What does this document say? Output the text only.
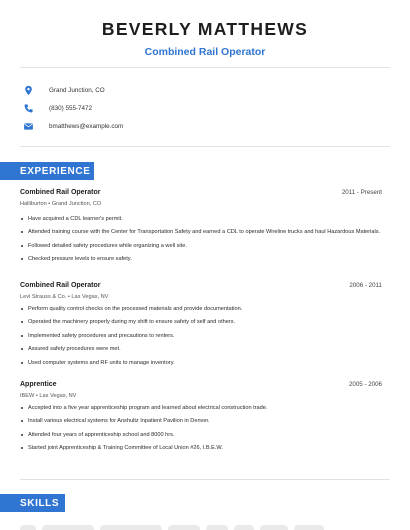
BEVERLY MATTHEWS
Combined Rail Operator
Grand Junction, CO
(830) 555-7472
bmatthews@example.com
EXPERIENCE
Combined Rail Operator	2011 - Present
Halliburton • Grand Junction, CO
Have acquired a CDL learner's permit.
Attended training course with the Center for Transportation Safety and earned a CDL to operate Wireline trucks and haul Hazardous Materials.
Followed detailed safety procedures while organizing a well site.
Checked pressure levels to ensure safety.
Combined Rail Operator	2006 - 2011
Levi Strauss & Co. • Las Vegas, NV
Perform quality control checks on the processed materials and provide documentation.
Operated the machinery properly during my shift to ensure safety of self and others.
Implemented safety procedures and precautions to renters.
Assured safety procedures were met.
Used computer systems and RF units to manage inventory.
Apprentice	2005 - 2006
IBEW • Las Vegas, NV
Accepted into a five year apprenticeship program and learned about electrical construction trade.
Install various electrical systems for Anshultz Inpatient Pavilion in Denver.
Attended four years of apprenticeship school and 8000 hrs.
Started joint Apprenticeship & Training Committee of Local Union #26, I.B.E.W.
SKILLS
